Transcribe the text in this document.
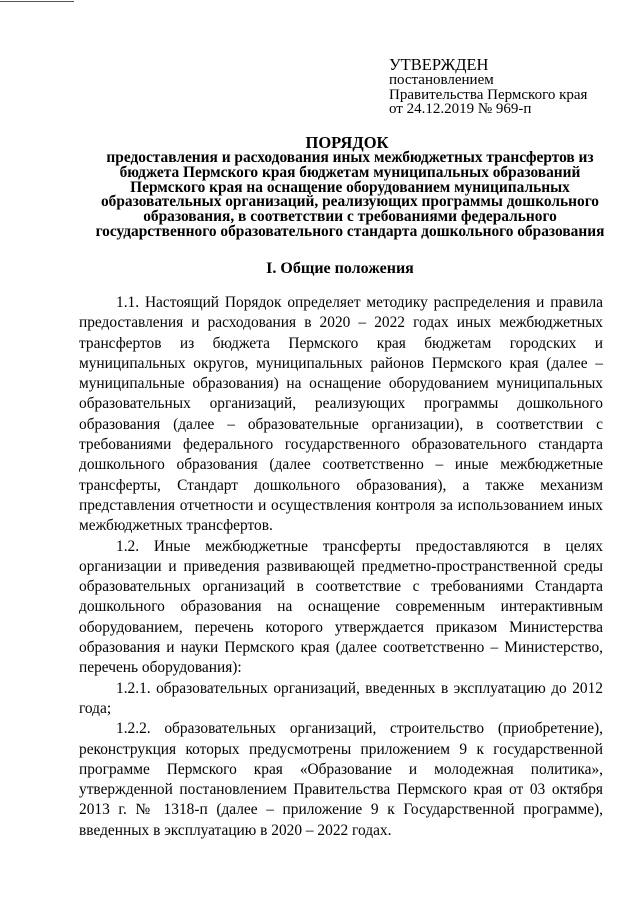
УТВЕРЖДЕН
постановлением
Правительства Пермского края
от 24.12.2019 № 969-п
ПОРЯДОК
предоставления и расходования иных межбюджетных трансфертов из бюджета Пермского края бюджетам муниципальных образований Пермского края на оснащение оборудованием муниципальных образовательных организаций, реализующих программы дошкольного образования, в соответствии с требованиями федерального государственного образовательного стандарта дошкольного образования
I. Общие положения

1.1. Настоящий Порядок определяет методику распределения и правила предоставления и расходования в 2020 – 2022 годах иных межбюджетных трансфертов из бюджета Пермского края бюджетам городских и муниципальных округов, муниципальных районов Пермского края (далее – муниципальные образования) на оснащение оборудованием муниципальных образовательных организаций, реализующих программы дошкольного образования (далее – образовательные организации), в соответствии с требованиями федерального государственного образовательного стандарта дошкольного образования (далее соответственно – иные межбюджетные трансферты, Стандарт дошкольного образования), а также механизм представления отчетности и осуществления контроля за использованием иных межбюджетных трансфертов.

1.2. Иные межбюджетные трансферты предоставляются в целях организации и приведения развивающей предметно-пространственной среды образовательных организаций в соответствие с требованиями Стандарта дошкольного образования на оснащение современным интерактивным оборудованием, перечень которого утверждается приказом Министерства образования и науки Пермского края (далее соответственно – Министерство, перечень оборудования):

1.2.1. образовательных организаций, введенных в эксплуатацию до 2012 года;

1.2.2. образовательных организаций, строительство (приобретение), реконструкция которых предусмотрены приложением 9 к государственной программе Пермского края «Образование и молодежная политика», утвержденной постановлением Правительства Пермского края от 03 октября 2013 г. № 1318-п (далее – приложение 9 к Государственной программе), введенных в эксплуатацию в 2020 – 2022 годах.
